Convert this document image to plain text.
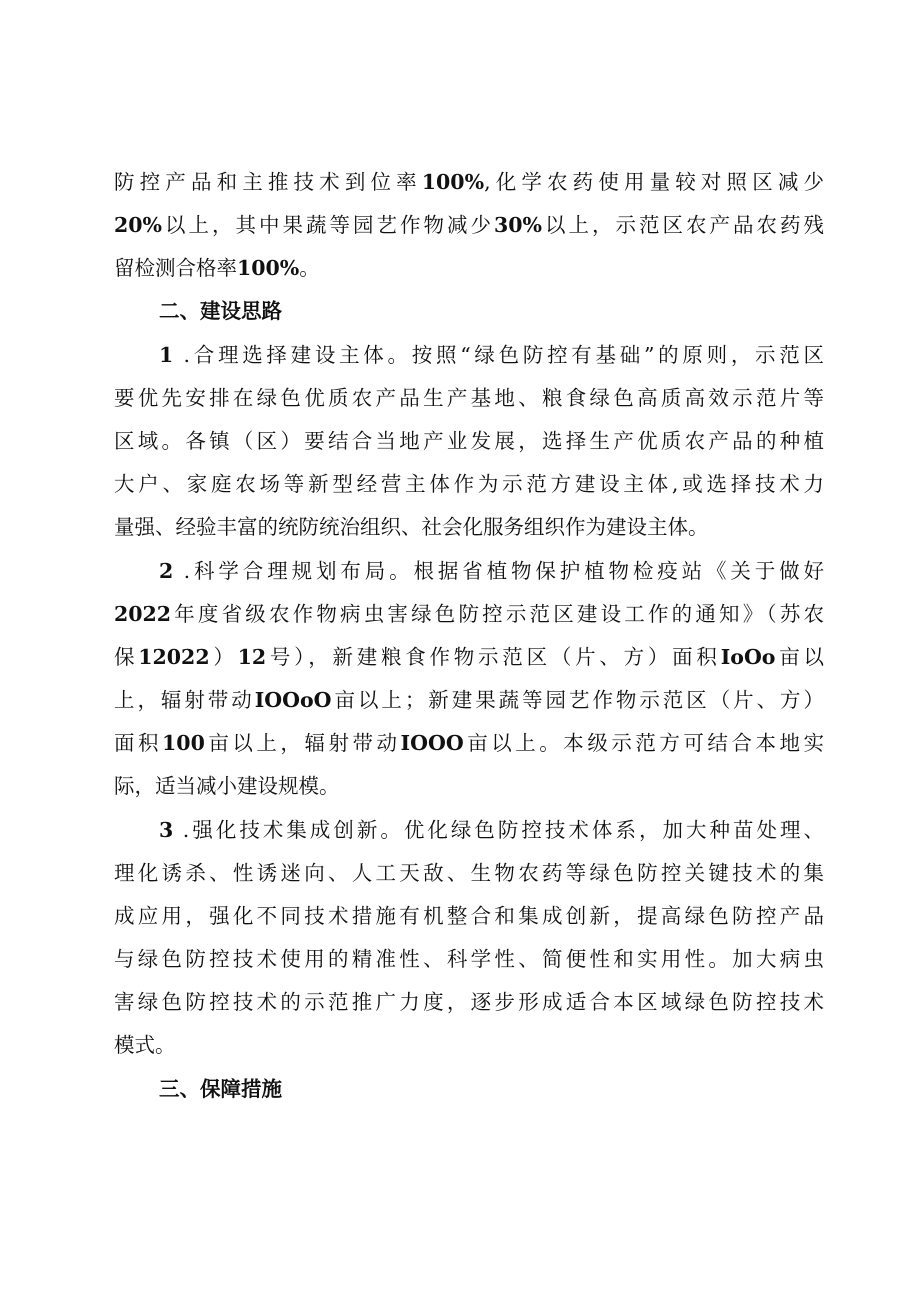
防控产品和主推技术到位率100%,化学农药使用量较对照区减少
20%以上，其中果蔬等园艺作物减少30%以上，示范区农产品农药残
留检测合格率100%。
二、建设思路
1 .合理选择建设主体。按照“绿色防控有基础”的原则，示范区
要优先安排在绿色优质农产品生产基地、粮食绿色高质高效示范片等
区域。各镇（区）要结合当地产业发展，选择生产优质农产品的种植
大户、家庭农场等新型经营主体作为示范方建设主体,或选择技术力
量强、经验丰富的统防统治组织、社会化服务组织作为建设主体。
2 .科学合理规划布局。根据省植物保护植物检疫站《关于做好
2022年度省级农作物病虫害绿色防控示范区建设工作的通知》（苏农
保12022）12号），新建粮食作物示范区（片、方）面积IoOo亩以
上，辐射带动IOOoO亩以上；新建果蔬等园艺作物示范区（片、方）
面积100亩以上，辐射带动IOOO亩以上。本级示范方可结合本地实
际，适当减小建设规模。
3 .强化技术集成创新。优化绿色防控技术体系，加大种苗处理、
理化诱杀、性诱迷向、人工天敌、生物农药等绿色防控关键技术的集
成应用，强化不同技术措施有机整合和集成创新，提高绿色防控产品
与绿色防控技术使用的精准性、科学性、简便性和实用性。加大病虫
害绿色防控技术的示范推广力度，逐步形成适合本区域绿色防控技术
模式。
三、保障措施
